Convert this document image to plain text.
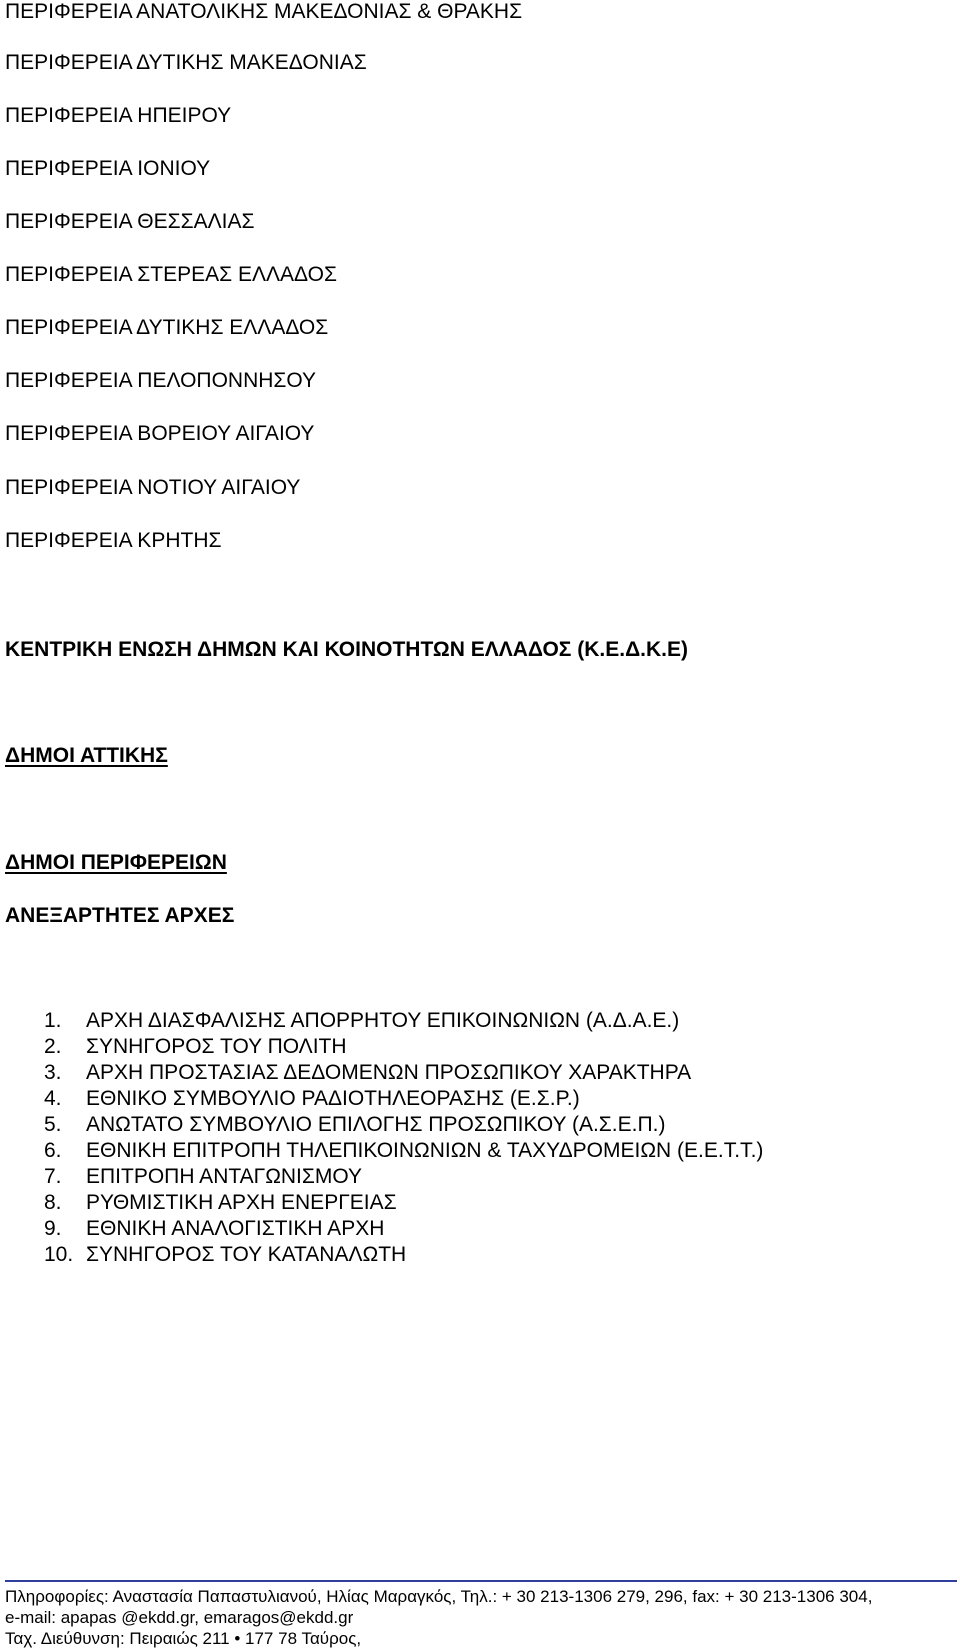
ΠΕΡΙΦΕΡΕΙΑ ΑΝΑΤΟΛΙΚΗΣ ΜΑΚΕΔΟΝΙΑΣ & ΘΡΑΚΗΣ

ΠΕΡΙΦΕΡΕΙΑ ΔΥΤΙΚΗΣ ΜΑΚΕΔΟΝΙΑΣ

ΠΕΡΙΦΕΡΕΙΑ ΗΠΕΙΡΟΥ

ΠΕΡΙΦΕΡΕΙΑ ΙΟΝΙΟΥ

ΠΕΡΙΦΕΡΕΙΑ ΘΕΣΣΑΛΙΑΣ

ΠΕΡΙΦΕΡΕΙΑ ΣΤΕΡΕΑΣ ΕΛΛΑΔΟΣ

ΠΕΡΙΦΕΡΕΙΑ ΔΥΤΙΚΗΣ ΕΛΛΑΔΟΣ

ΠΕΡΙΦΕΡΕΙΑ ΠΕΛΟΠΟΝΝΗΣΟΥ

ΠΕΡΙΦΕΡΕΙΑ ΒΟΡΕΙΟΥ ΑΙΓΑΙΟΥ

ΠΕΡΙΦΕΡΕΙΑ ΝΟΤΙΟΥ ΑΙΓΑΙΟΥ

ΠΕΡΙΦΕΡΕΙΑ ΚΡΗΤΗΣ

ΚΕΝΤΡΙΚΗ ΕΝΩΣΗ ΔΗΜΩΝ ΚΑΙ ΚΟΙΝΟΤΗΤΩΝ ΕΛΛΑΔΟΣ (Κ.Ε.Δ.Κ.Ε)

ΔΗΜΟΙ ΑΤΤΙΚΗΣ

ΔΗΜΟΙ ΠΕΡΙΦΕΡΕΙΩΝ

ΑΝΕΞΑΡΤΗΤΕΣ ΑΡΧΕΣ

1. ΑΡΧΗ ΔΙΑΣΦΑΛΙΣΗΣ ΑΠΟΡΡΗΤΟΥ ΕΠΙΚΟΙΝΩΝΙΩΝ (Α.Δ.Α.Ε.)
2. ΣΥΝΗΓΟΡΟΣ ΤΟΥ ΠΟΛΙΤΗ
3. ΑΡΧΗ ΠΡΟΣΤΑΣΙΑΣ ΔΕΔΟΜΕΝΩΝ ΠΡΟΣΩΠΙΚΟΥ ΧΑΡΑΚΤΗΡΑ
4. ΕΘΝΙΚΟ ΣΥΜΒΟΥΛΙΟ ΡΑΔΙΟΤΗΛΕΟΡΑΣΗΣ (Ε.Σ.Ρ.)
5. ΑΝΩΤΑΤΟ ΣΥΜΒΟΥΛΙΟ ΕΠΙΛΟΓΗΣ ΠΡΟΣΩΠΙΚΟΥ (Α.Σ.Ε.Π.)
6. ΕΘΝΙΚΗ ΕΠΙΤΡΟΠΗ ΤΗΛΕΠΙΚΟΙΝΩΝΙΩΝ & ΤΑΧΥΔΡΟΜΕΙΩΝ (Ε.Ε.Τ.Τ.)
7. ΕΠΙΤΡΟΠΗ ΑΝΤΑΓΩΝΙΣΜΟΥ
8. ΡΥΘΜΙΣΤΙΚΗ ΑΡΧΗ ΕΝΕΡΓΕΙΑΣ
9. ΕΘΝΙΚΗ ΑΝΑΛΟΓΙΣΤΙΚΗ ΑΡΧΗ
10. ΣΥΝΗΓΟΡΟΣ ΤΟΥ ΚΑΤΑΝΑΛΩΤΗ

Πληροφορίες: Αναστασία Παπαστυλιανού, Ηλίας Μαραγκός, Τηλ.: + 30 213-1306 279, 296, fax: + 30 213-1306 304,

e-mail: apapas @ekdd.gr, emaragos@ekdd.gr

Ταχ. Διεύθυνση: Πειραιώς 211 • 177 78 Ταύρος,
